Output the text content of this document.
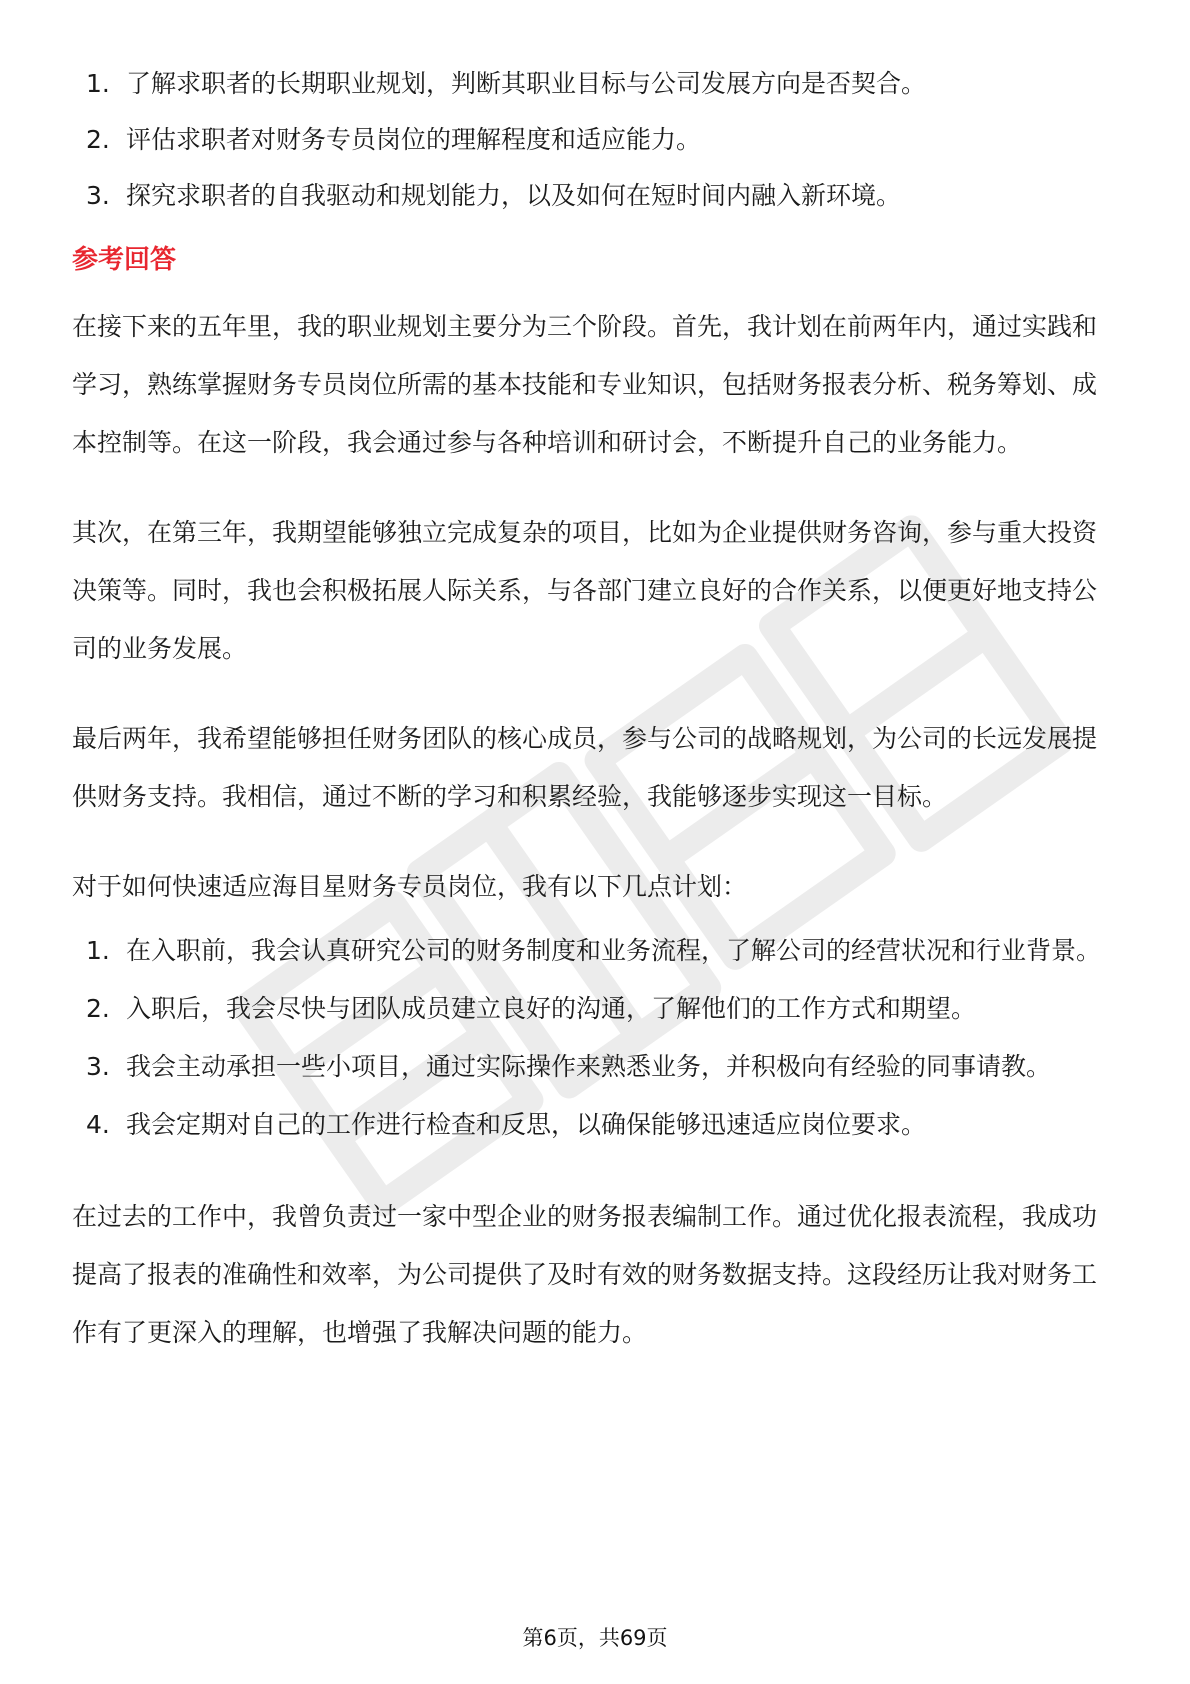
1. 了解求职者的长期职业规划，判断其职业目标与公司发展方向是否契合。
2. 评估求职者对财务专员岗位的理解程度和适应能力。
3. 探究求职者的自我驱动和规划能力，以及如何在短时间内融入新环境。
参考回答

在接下来的五年里，我的职业规划主要分为三个阶段。首先，我计划在前两年内，通过实践和学习，熟练掌握财务专员岗位所需的基本技能和专业知识，包括财务报表分析、税务筹划、成本控制等。在这一阶段，我会通过参与各种培训和研讨会，不断提升自己的业务能力。

其次，在第三年，我期望能够独立完成复杂的项目，比如为企业提供财务咨询，参与重大投资决策等。同时，我也会积极拓展人际关系，与各部门建立良好的合作关系，以便更好地支持公司的业务发展。

最后两年，我希望能够担任财务团队的核心成员，参与公司的战略规划，为公司的长远发展提供财务支持。我相信，通过不断的学习和积累经验，我能够逐步实现这一目标。

对于如何快速适应海目星财务专员岗位，我有以下几点计划：

1. 在入职前，我会认真研究公司的财务制度和业务流程，了解公司的经营状况和行业背景。
2. 入职后，我会尽快与团队成员建立良好的沟通，了解他们的工作方式和期望。
3. 我会主动承担一些小项目，通过实际操作来熟悉业务，并积极向有经验的同事请教。
4. 我会定期对自己的工作进行检查和反思，以确保能够迅速适应岗位要求。

在过去的工作中，我曾负责过一家中型企业的财务报表编制工作。通过优化报表流程，我成功提高了报表的准确性和效率，为公司提供了及时有效的财务数据支持。这段经历让我对财务工作有了更深入的理解，也增强了我解决问题的能力。

第6页，共69页
